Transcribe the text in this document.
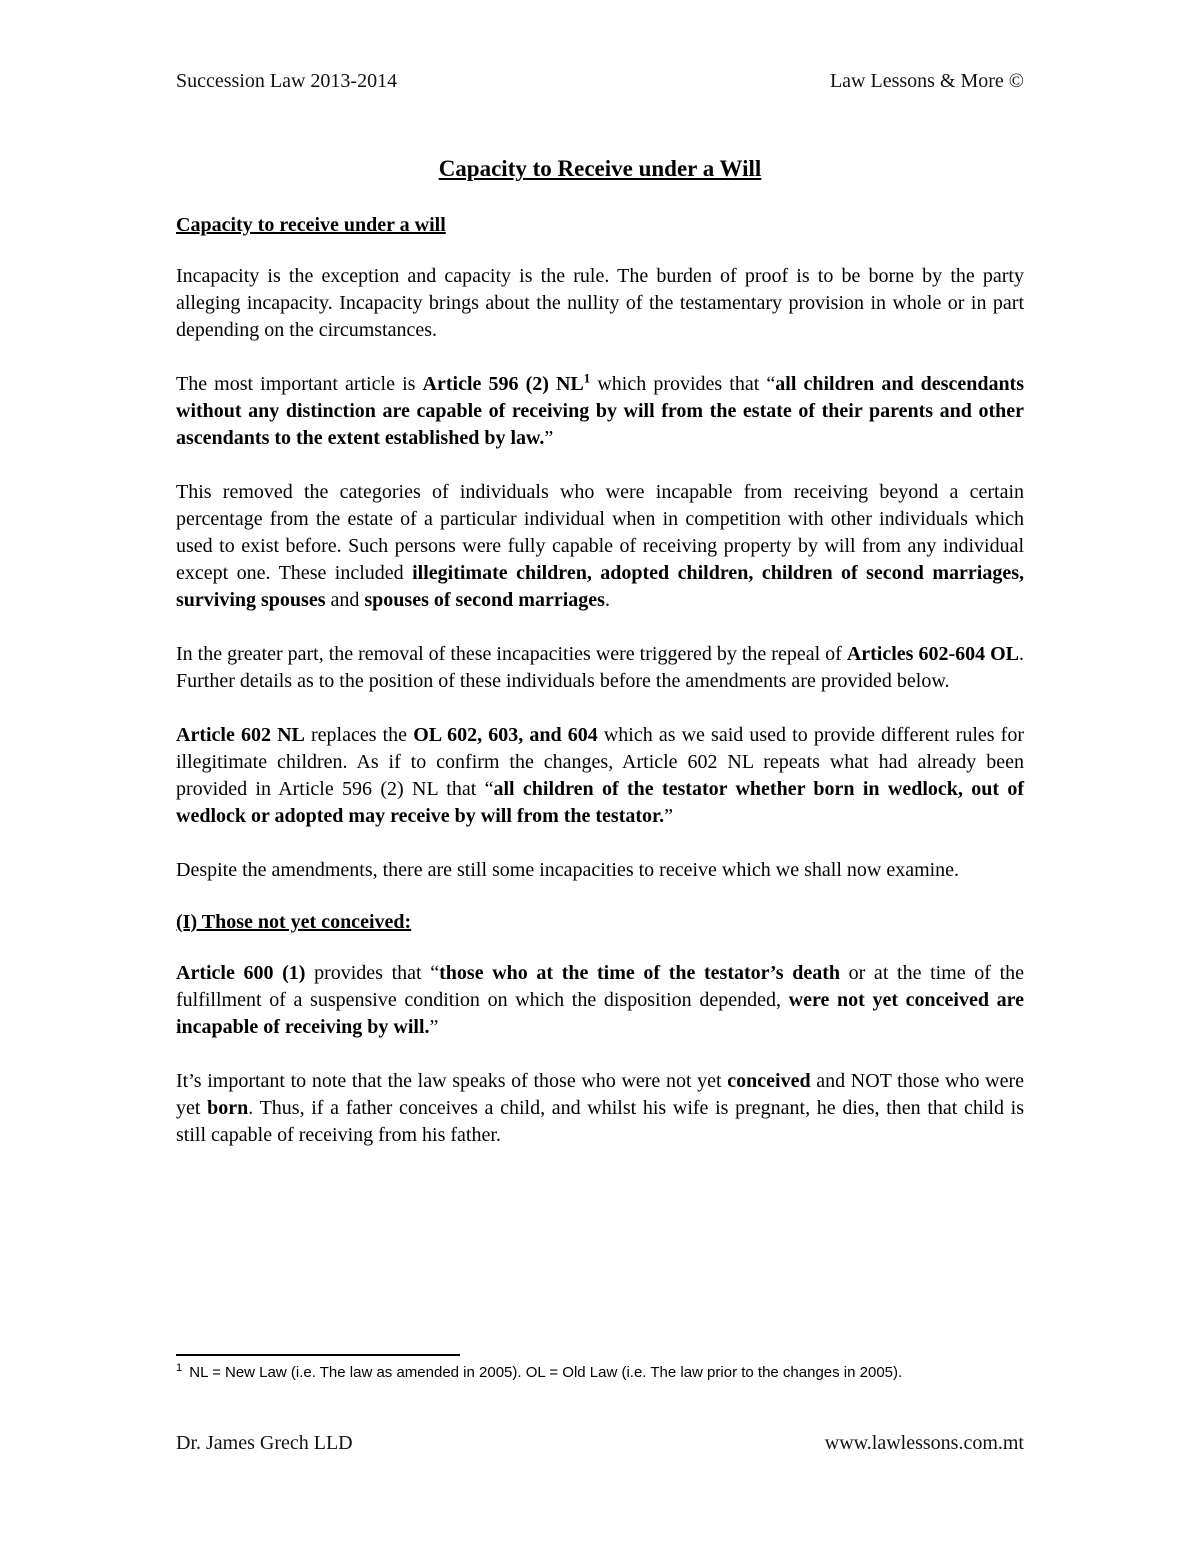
Succession Law 2013-2014	Law Lessons & More ©
Capacity to Receive under a Will
Capacity to receive under a will

Incapacity is the exception and capacity is the rule. The burden of proof is to be borne by the party alleging incapacity. Incapacity brings about the nullity of the testamentary provision in whole or in part depending on the circumstances.

The most important article is Article 596 (2) NL$^1$ which provides that “all children and descendants without any distinction are capable of receiving by will from the estate of their parents and other ascendants to the extent established by law.”

This removed the categories of individuals who were incapable from receiving beyond a certain percentage from the estate of a particular individual when in competition with other individuals which used to exist before. Such persons were fully capable of receiving property by will from any individual except one. These included illegitimate children, adopted children, children of second marriages, surviving spouses and spouses of second marriages.

In the greater part, the removal of these incapacities were triggered by the repeal of Articles 602-604 OL. Further details as to the position of these individuals before the amendments are provided below.

Article 602 NL replaces the OL 602, 603, and 604 which as we said used to provide different rules for illegitimate children. As if to confirm the changes, Article 602 NL repeats what had already been provided in Article 596 (2) NL that “all children of the testator whether born in wedlock, out of wedlock or adopted may receive by will from the testator.”

Despite the amendments, there are still some incapacities to receive which we shall now examine.

(I) Those not yet conceived:

Article 600 (1) provides that “those who at the time of the testator’s death or at the time of the fulfillment of a suspensive condition on which the disposition depended, were not yet conceived are incapable of receiving by will.”

It’s important to note that the law speaks of those who were not yet conceived and NOT those who were yet born. Thus, if a father conceives a child, and whilst his wife is pregnant, he dies, then that child is still capable of receiving from his father.

$^1$ NL = New Law (i.e. The law as amended in 2005). OL = Old Law (i.e. The law prior to the changes in 2005).
Dr. James Grech LLD	www.lawlessons.com.mt
